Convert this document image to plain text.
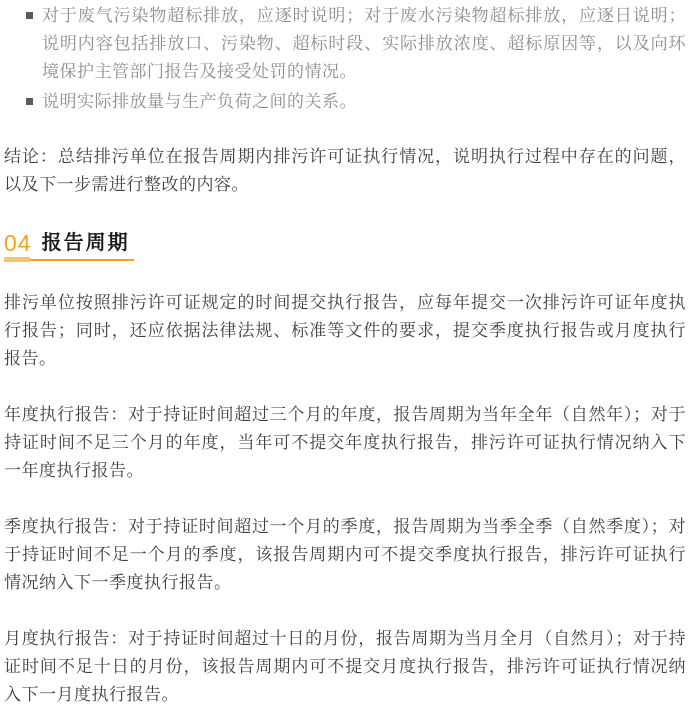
对于废气污染物超标排放，应逐时说明；对于废水污染物超标排放，应逐日说明；说明内容包括排放口、污染物、超标时段、实际排放浓度、超标原因等，以及向环境保护主管部门报告及接受处罚的情况。
说明实际排放量与生产负荷之间的关系。

结论：总结排污单位在报告周期内排污许可证执行情况，说明执行过程中存在的问题，以及下一步需进行整改的内容。

04 报告周期

排污单位按照排污许可证规定的时间提交执行报告，应每年提交一次排污许可证年度执行报告；同时，还应依据法律法规、标准等文件的要求，提交季度执行报告或月度执行报告。

年度执行报告：对于持证时间超过三个月的年度，报告周期为当年全年（自然年）；对于持证时间不足三个月的年度，当年可不提交年度执行报告，排污许可证执行情况纳入下一年度执行报告。

季度执行报告：对于持证时间超过一个月的季度，报告周期为当季全季（自然季度）；对于持证时间不足一个月的季度，该报告周期内可不提交季度执行报告，排污许可证执行情况纳入下一季度执行报告。

月度执行报告：对于持证时间超过十日的月份，报告周期为当月全月（自然月）；对于持证时间不足十日的月份，该报告周期内可不提交月度执行报告，排污许可证执行情况纳入下一月度执行报告。
